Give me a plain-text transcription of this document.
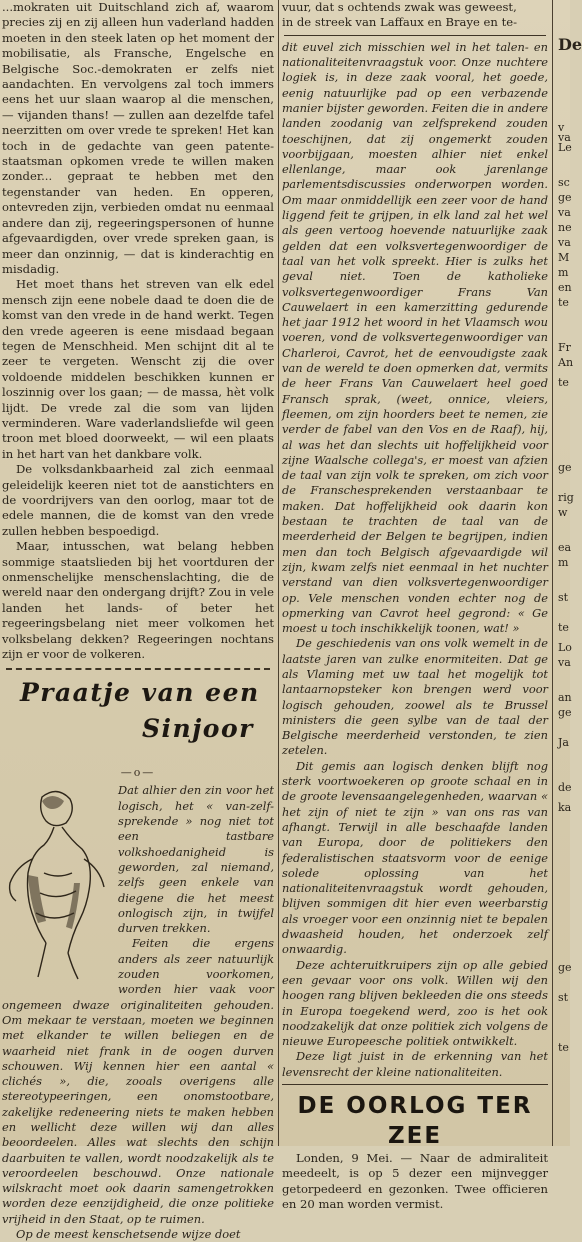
...mokraten uit Duitschland zich af, waarom precies zij en zij alleen hun vaderland hadden moeten in den steek laten op het moment der mobilisatie, als Fransche, Engelsche en Belgische Soc.-demokraten er zelfs niet aandachten. En vervolgens zal toch immers eens het uur slaan waarop al die menschen, — vijanden thans! — zullen aan dezelfde tafel neerzitten om over vrede te spreken! Het kan toch in de gedachte van geen patente-staatsman opkomen vrede te willen maken zonder... gepraat te hebben met den tegenstander van heden. En opperen, ontevreden zijn, verbieden omdat nu eenmaal andere dan zij, regeeringspersonen of hunne afgevaardigden, over vrede spreken gaan, is meer dan onzinnig, — dat is kinderachtig en misdadig.

Het moet thans het streven van elk edel mensch zijn eene nobele daad te doen die de komst van den vrede in de hand werkt. Tegen den vrede ageeren is eene misdaad begaan tegen de Menschheid. Men schijnt dit al te zeer te vergeten. Wenscht zij die over voldoende middelen beschikken kunnen er loszinnig over los gaan; — de massa, hèt volk lijdt. De vrede zal die som van lijden verminderen. Ware vaderlandsliefde wil geen troon met bloed doorweekt, — wil een plaats in het hart van het dankbare volk.

De volksdankbaarheid zal zich eenmaal geleidelijk keeren niet tot de aanstichters en de voordrijvers van den oorlog, maar tot de edele mannen, die de komst van den vrede zullen hebben bespoedigd.

Maar, intusschen, wat belang hebben sommige staatslieden bij het voortduren der onmenschelijke menschenslachting, die de wereld naar den ondergang drijft? Zou in vele landen het lands- of beter het regeeringsbelang niet meer volkomen het volksbelang dekken? Regeeringen nochtans zijn er voor de volkeren.

Praatje van een
Sinjoor
—o—

Dat alhier den zin voor het logisch, het « van-zelf-sprekende » nog niet tot een tastbare volkshoedanigheid is geworden, zal niemand, zelfs geen enkele van diegene die het meest onlogisch zijn, in twijfel durven trekken.

Feiten die ergens anders als zeer natuurlijk zouden voorkomen, worden hier vaak voor ongemeen dwaze originaliteiten gehouden. Om mekaar te verstaan, moeten we beginnen met elkander te willen beliegen en de waarheid niet frank in de oogen durven schouwen. Wij kennen hier een aantal « clichés », die, zooals overigens alle stereotypeeringen, een onomstootbare, zakelijke redeneering niets te maken hebben en wellicht deze willen wij dan alles beoordeelen. Alles wat slechts den schijn daarbuiten te vallen, wordt noodzakelijk als te veroordeelen beschouwd. Onze nationale wilskracht moet ook daarin samengetrokken worden deze eenzijdigheid, die onze politieke vrijheid in den Staat, op te ruimen.

Op de meest kenschetsende wijze doet

vuur, dat s ochtends zwak was geweest,

in de streek van Laffaux en Braye en te-

dit euvel zich misschien wel in het talen- en nationaliteitenvraagstuk voor. Onze nuchtere logiek is, in deze zaak vooral, het goede, eenig natuurlijke pad op een verbazende manier bijster geworden. Feiten die in andere landen zoodanig van zelfsprekend zouden toeschijnen, dat zij ongemerkt zouden voorbijgaan, moesten alhier niet enkel ellenlange, maar ook jarenlange parlementsdiscussies onderworpen worden. Om maar onmiddellijk een zeer voor de hand liggend feit te grijpen, in elk land zal het wel als geen vertoog hoevende natuurlijke zaak gelden dat een volksvertegenwoordiger de taal van het volk spreekt. Hier is zulks het geval niet. Toen de katholieke volksvertegenwoordiger Frans Van Cauwelaert in een kamerzitting gedurende het jaar 1912 het woord in het Vlaamsch wou voeren, vond de volksvertegenwoordiger van Charleroi, Cavrot, het de eenvoudigste zaak van de wereld te doen opmerken dat, vermits de heer Frans Van Cauwelaert heel goed Fransch sprak, (weet, onnice, vleiers, fleemen, om zijn hoorders beet te nemen, zie verder de fabel van den Vos en de Raaf), hij, al was het dan slechts uit hoffelijkheid voor zijne Waalsche collega's, er moest van afzien de taal van zijn volk te spreken, om zich voor de Franschesprekenden verstaanbaar te maken. Dat hoffelijkheid ook daarin kon bestaan te trachten de taal van de meerderheid der Belgen te begrijpen, indien men dan toch Belgisch afgevaardigde wil zijn, kwam zelfs niet eenmaal in het nuchter verstand van dien volksvertegenwoordiger op. Vele menschen vonden echter nog de opmerking van Cavrot heel gegrond: « Ge moest u toch inschikkelijk toonen, wat! »

De geschiedenis van ons volk wemelt in de laatste jaren van zulke enormiteiten. Dat ge als Vlaming met uw taal het mogelijk tot lantaarnopsteker kon brengen werd voor logisch gehouden, zoowel als te Brussel ministers die geen sylbe van de taal der Belgische meerderheid verstonden, te zien zetelen.

Dit gemis aan logisch denken blijft nog sterk voortwoekeren op groote schaal en in de groote levensaangelegenheden, waarvan « het zijn of niet te zijn » van ons ras van afhangt. Terwijl in alle beschaafde landen van Europa, door de politiekers den federalistischen staatsvorm voor de eenige solede oplossing van het nationaliteitenvraagstuk wordt gehouden, blijven sommigen dit hier even weerbarstig als vroeger voor een onzinnig niet te bepalen dwaasheid houden, het onderzoek zelf onwaardig.

Deze achteruitkruipers zijn op alle gebied een gevaar voor ons volk. Willen wij den hoogen rang blijven bekleeden die ons steeds in Europa toegekend werd, zoo is het ook noodzakelijk dat onze politiek zich volgens de nieuwe Europeesche politiek ontwikkelt.

Deze ligt juist in de erkenning van het levensrecht der kleine nationaliteiten.

DE OORLOG TER ZEE

Londen, 9 Mei. — Naar de admiraliteit meedeelt, is op 5 dezer een mijnvegger getorpedeerd en gezonken. Twee officieren en 20 man worden vermist.

De
v
va
Le
sc
ge
va
ne
va
M
m
en
te
Fr
An
te
ge
rig
w
ea
m
st
te
Lo
va
an
ge
Ja
de
ka
ge
st
te
